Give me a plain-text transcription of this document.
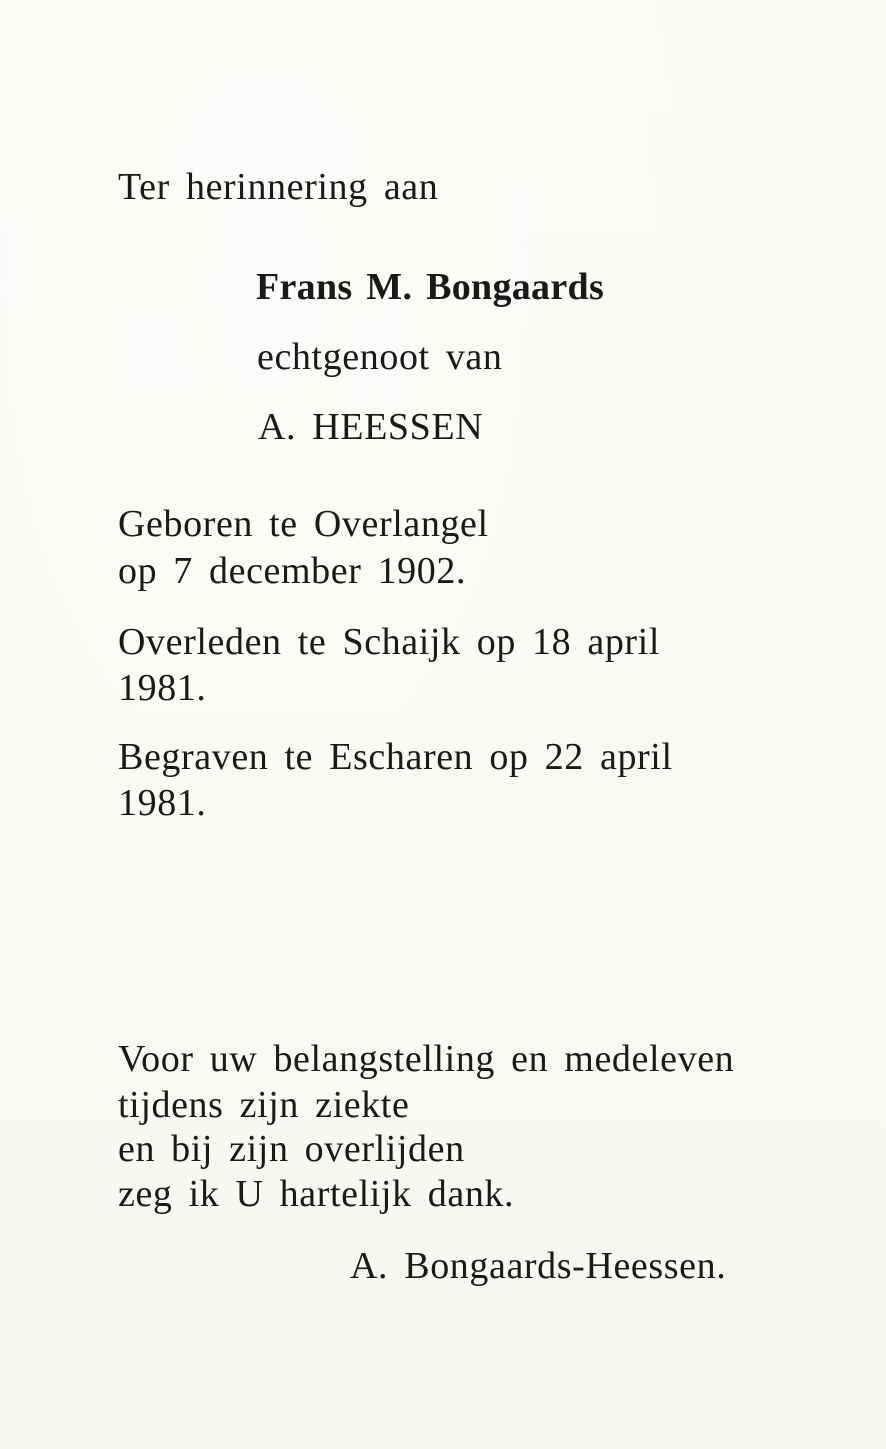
Ter herinnering aan
Frans M. Bongaards
echtgenoot van
A. HEESSEN
Geboren te Overlangel
op 7 december 1902.
Overleden te Schaijk op 18 april
1981.
Begraven te Escharen op 22 april
1981.
Voor uw belangstelling en medeleven
tijdens zijn ziekte
en bij zijn overlijden
zeg ik U hartelijk dank.
A. Bongaards-Heessen.
